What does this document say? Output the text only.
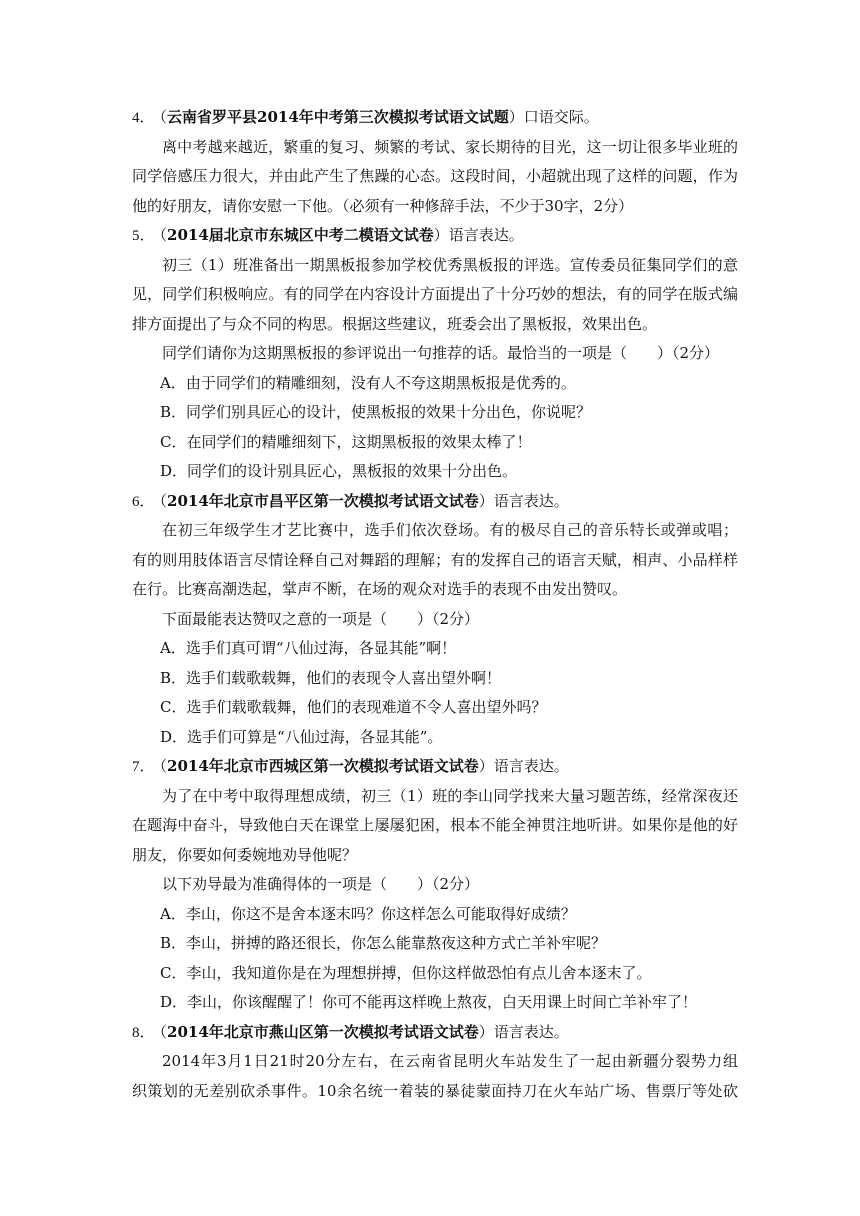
4．（云南省罗平县2014年中考第三次模拟考试语文试题）口语交际。
离中考越来越近，繁重的复习、频繁的考试、家长期待的目光，这一切让很多毕业班的
同学倍感压力很大，并由此产生了焦躁的心态。这段时间，小超就出现了这样的问题，作为
他的好朋友，请你安慰一下他。（必须有一种修辞手法，不少于30字，2分）
5．（2014届北京市东城区中考二模语文试卷）语言表达。
初三（1）班准备出一期黑板报参加学校优秀黑板报的评选。宣传委员征集同学们的意
见，同学们积极响应。有的同学在内容设计方面提出了十分巧妙的想法，有的同学在版式编
排方面提出了与众不同的构思。根据这些建议，班委会出了黑板报，效果出色。
同学们请你为这期黑板报的参评说出一句推荐的话。最恰当的一项是（　　）（2分）
A．由于同学们的精雕细刻，没有人不夸这期黑板报是优秀的。
B．同学们别具匠心的设计，使黑板报的效果十分出色，你说呢？
C．在同学们的精雕细刻下，这期黑板报的效果太棒了！
D．同学们的设计别具匠心，黑板报的效果十分出色。
6．（2014年北京市昌平区第一次模拟考试语文试卷）语言表达。
在初三年级学生才艺比赛中，选手们依次登场。有的极尽自己的音乐特长或弹或唱；
有的则用肢体语言尽情诠释自己对舞蹈的理解；有的发挥自己的语言天赋，相声、小品样样
在行。比赛高潮迭起，掌声不断，在场的观众对选手的表现不由发出赞叹。
下面最能表达赞叹之意的一项是（　　）（2分）
A．选手们真可谓“八仙过海，各显其能”啊！
B．选手们载歌载舞，他们的表现令人喜出望外啊！
C．选手们载歌载舞，他们的表现难道不令人喜出望外吗？
D．选手们可算是“八仙过海，各显其能”。
7．（2014年北京市西城区第一次模拟考试语文试卷）语言表达。
为了在中考中取得理想成绩，初三（1）班的李山同学找来大量习题苦练，经常深夜还
在题海中奋斗，导致他白天在课堂上屡屡犯困，根本不能全神贯注地听讲。如果你是他的好
朋友，你要如何委婉地劝导他呢？
以下劝导最为准确得体的一项是（　　）（2分）
A．李山，你这不是舍本逐末吗？你这样怎么可能取得好成绩？
B．李山，拼搏的路还很长，你怎么能靠熬夜这种方式亡羊补牢呢？
C．李山，我知道你是在为理想拼搏，但你这样做恐怕有点儿舍本逐末了。
D．李山，你该醒醒了！你可不能再这样晚上熬夜，白天用课上时间亡羊补牢了！
8．（2014年北京市燕山区第一次模拟考试语文试卷）语言表达。
2014年3月1日21时20分左右，在云南省昆明火车站发生了一起由新疆分裂势力组
织策划的无差别砍杀事件。10余名统一着装的暴徒蒙面持刀在火车站广场、售票厅等处砍
